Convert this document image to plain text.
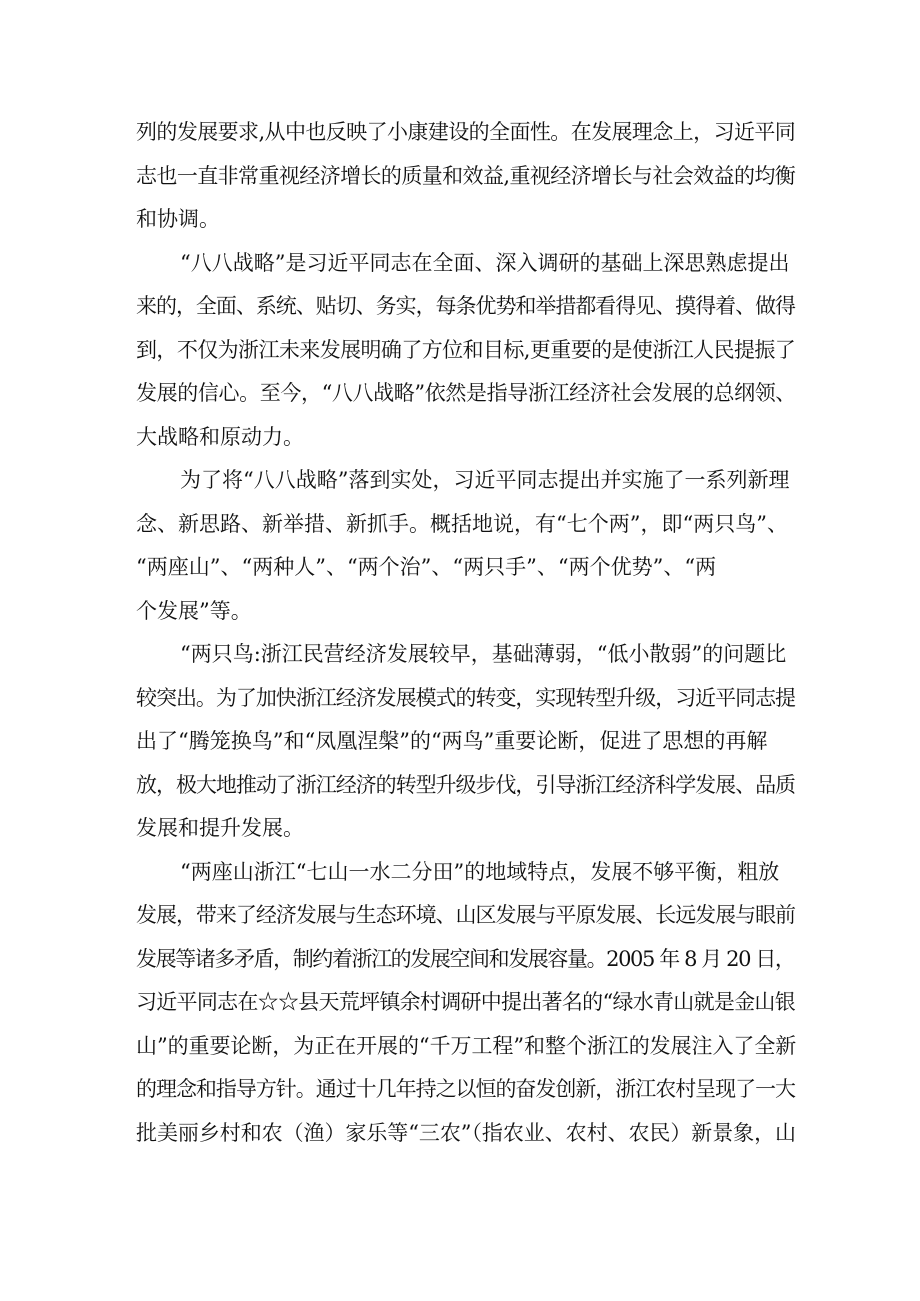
列的发展要求,从中也反映了小康建设的全面性。在发展理念上，习近平同
志也一直非常重视经济增长的质量和效益,重视经济增长与社会效益的均衡
和协调。
“八八战略”是习近平同志在全面、深入调研的基础上深思熟虑提出
来的，全面、系统、贴切、务实，每条优势和举措都看得见、摸得着、做得
到，不仅为浙江未来发展明确了方位和目标,更重要的是使浙江人民提振了
发展的信心。至今，“八八战略”依然是指导浙江经济社会发展的总纲领、
大战略和原动力。
为了将“八八战略”落到实处，习近平同志提出并实施了一系列新理
念、新思路、新举措、新抓手。概括地说，有“七个两”，即“两只鸟”、
“两座山”、“两种人”、“两个治”、“两只手”、“两个优势”、“两
个发展”等。
“两只鸟:浙江民营经济发展较早，基础薄弱，“低小散弱”的问题比
较突出。为了加快浙江经济发展模式的转变，实现转型升级，习近平同志提
出了“腾笼换鸟”和“凤凰涅槃”的“两鸟”重要论断，促进了思想的再解
放，极大地推动了浙江经济的转型升级步伐，引导浙江经济科学发展、品质
发展和提升发展。
“两座山浙江“七山一水二分田”的地域特点，发展不够平衡，粗放
发展，带来了经济发展与生态环境、山区发展与平原发展、长远发展与眼前
发展等诸多矛盾，制约着浙江的发展空间和发展容量。2005 年 8 月 20 日，
习近平同志在☆☆县天荒坪镇余村调研中提出著名的“绿水青山就是金山银
山”的重要论断，为正在开展的“千万工程”和整个浙江的发展注入了全新
的理念和指导方针。通过十几年持之以恒的奋发创新，浙江农村呈现了一大
批美丽乡村和农（渔）家乐等“三农”（指农业、农村、农民）新景象，山
